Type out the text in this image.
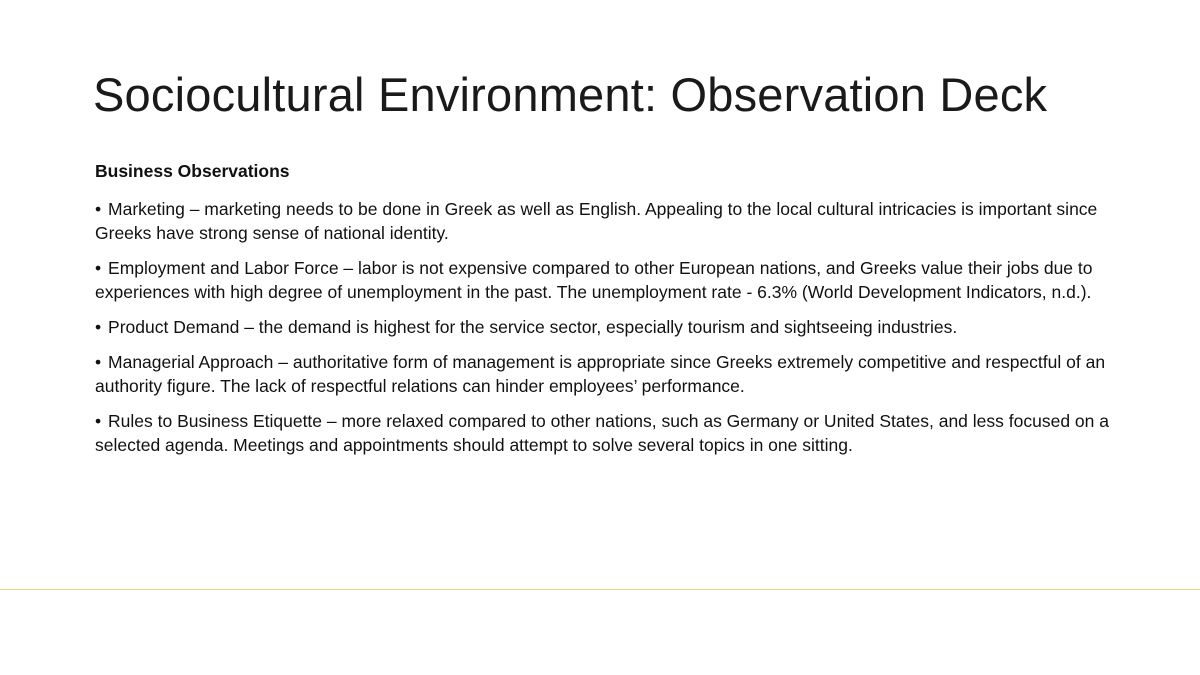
Sociocultural Environment: Observation Deck
Business Observations
• Marketing – marketing needs to be done in Greek as well as English. Appealing to the local cultural intricacies is important since Greeks have strong sense of national identity.
• Employment and Labor Force – labor is not expensive compared to other European nations, and Greeks value their jobs due to experiences with high degree of unemployment in the past. The unemployment rate - 6.3% (World Development Indicators, n.d.).
• Product Demand – the demand is highest for the service sector, especially tourism and sightseeing industries.
• Managerial Approach – authoritative form of management is appropriate since Greeks extremely competitive and respectful of an authority figure. The lack of respectful relations can hinder employees’ performance.
• Rules to Business Etiquette – more relaxed compared to other nations, such as Germany or United States, and less focused on a selected agenda. Meetings and appointments should attempt to solve several topics in one sitting.
